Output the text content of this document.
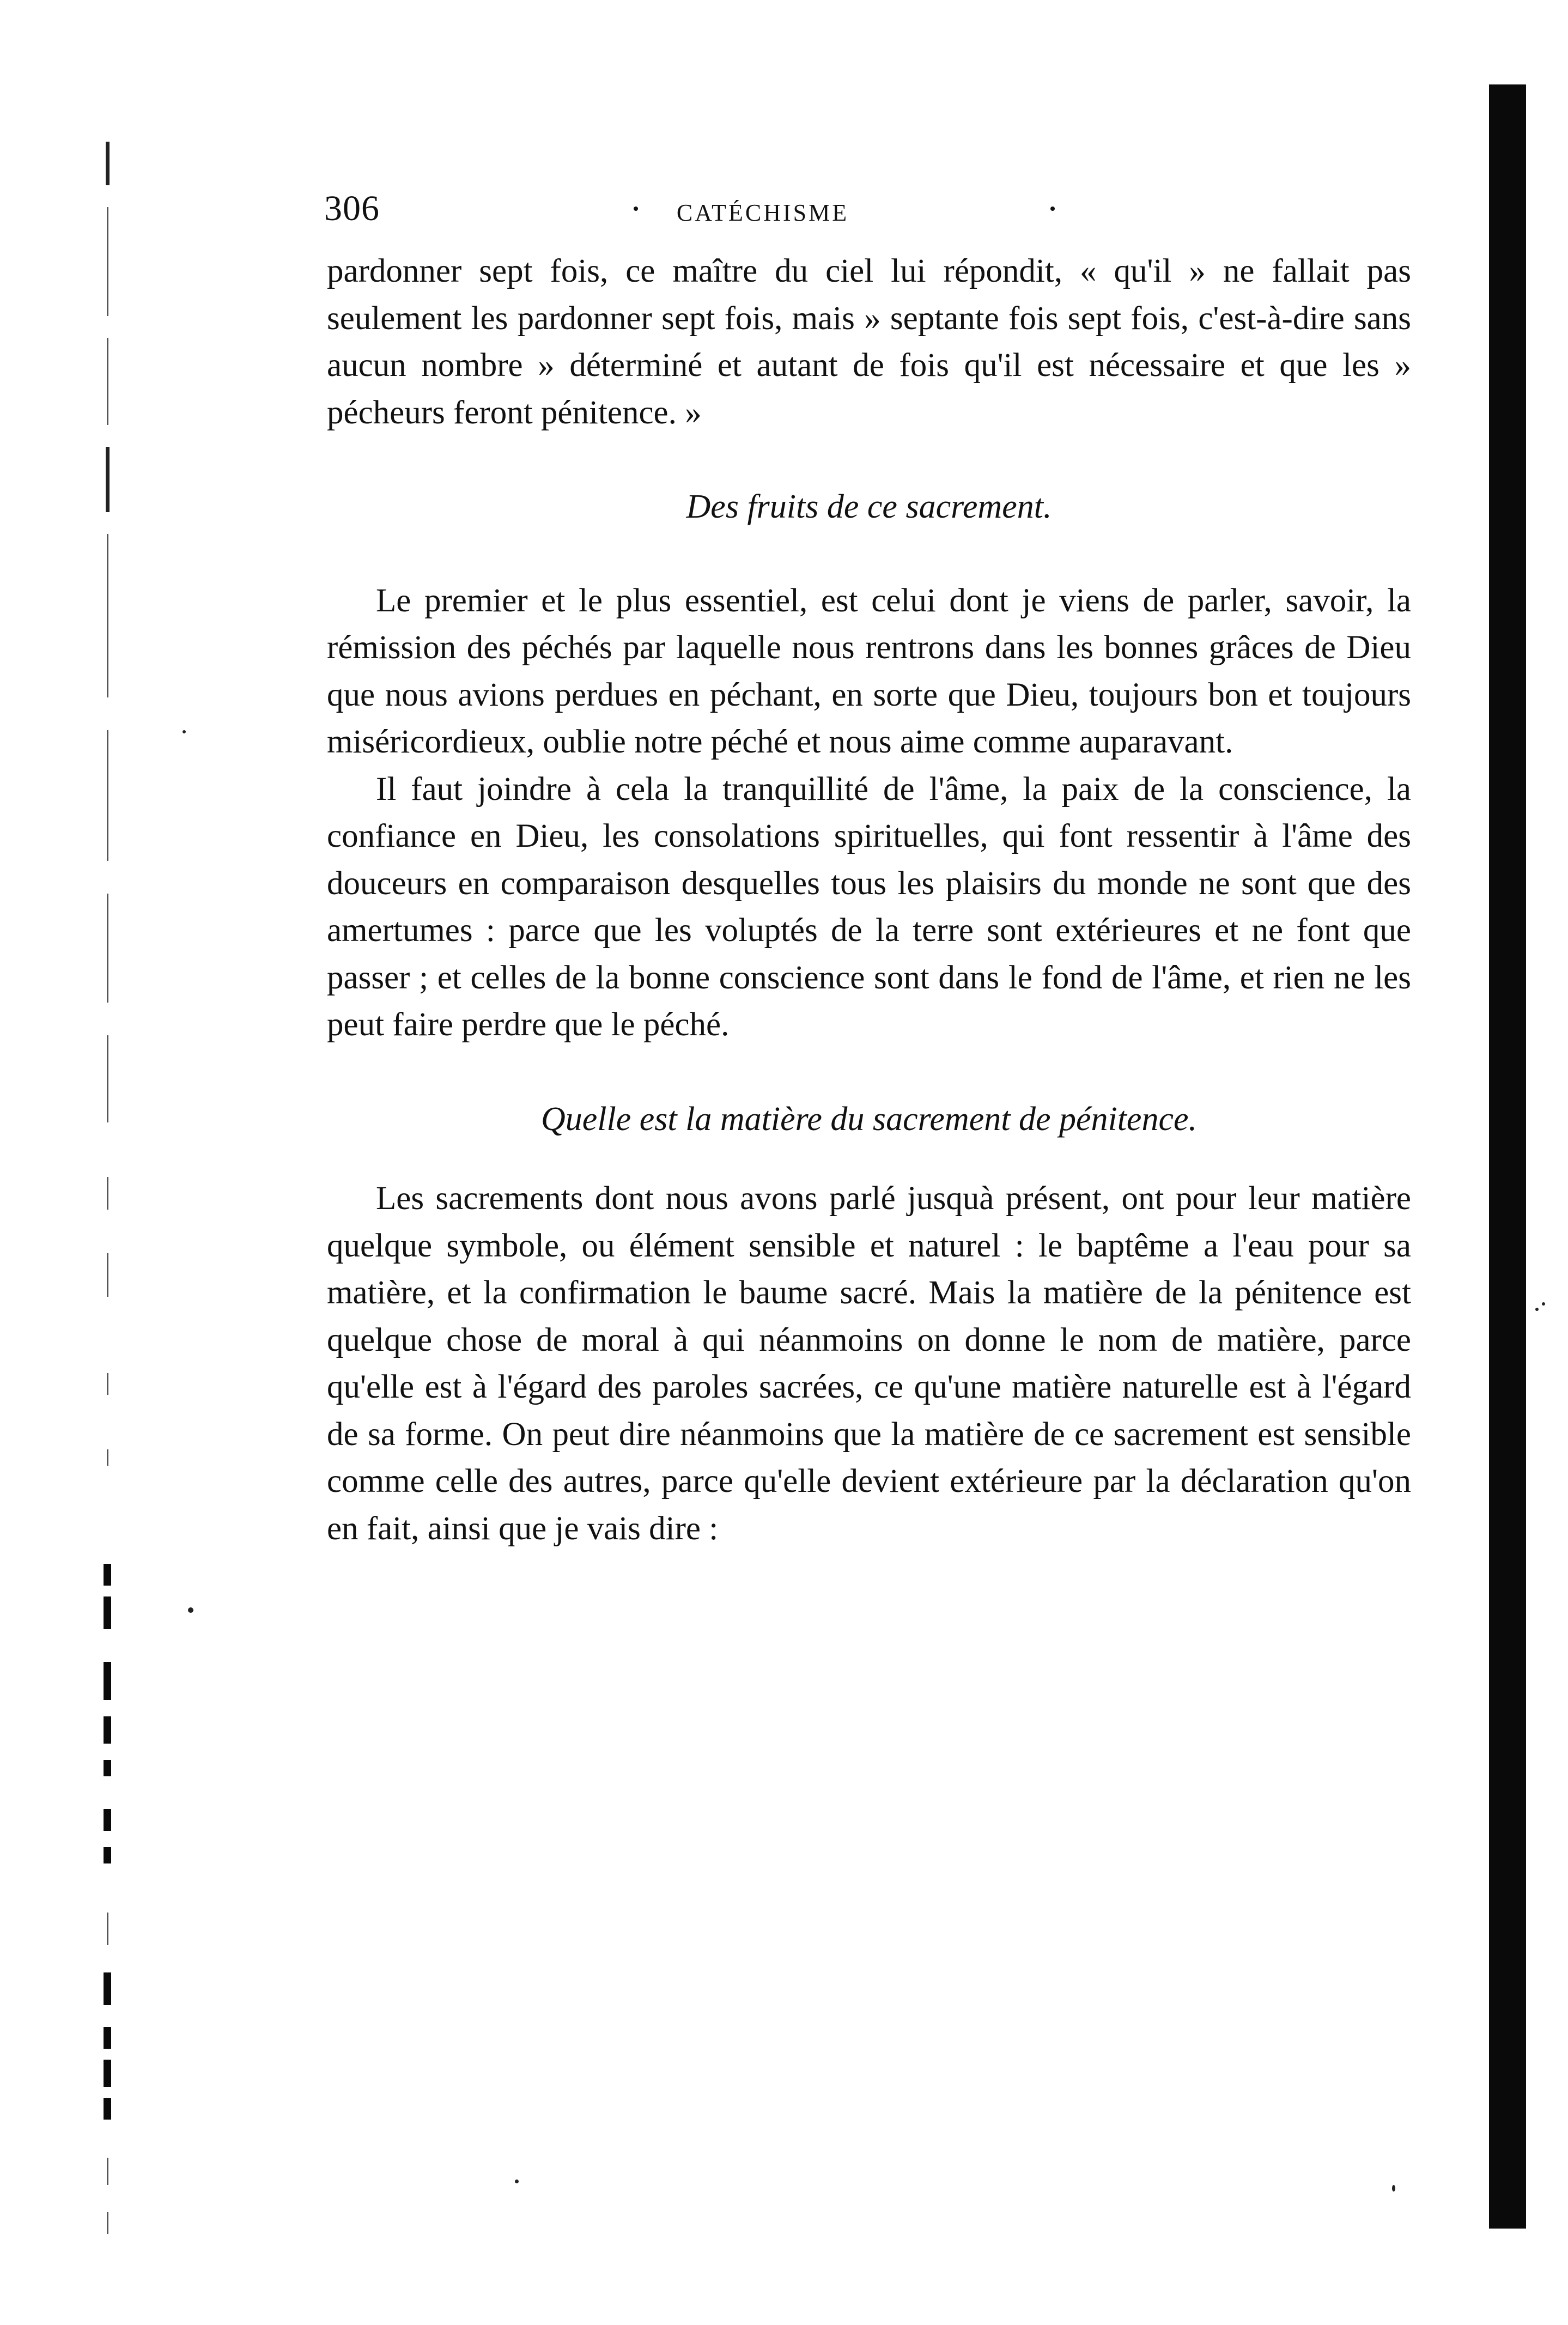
306	CATÉCHISME

pardonner sept fois, ce maître du ciel lui répondit, « qu'il » ne fallait pas seulement les pardonner sept fois, mais » septante fois sept fois, c'est-à-dire sans aucun nombre » déterminé et autant de fois qu'il est nécessaire et que les » pécheurs feront pénitence. »

Des fruits de ce sacrement.

Le premier et le plus essentiel, est celui dont je viens de parler, savoir, la rémission des péchés par laquelle nous rentrons dans les bonnes grâces de Dieu que nous avions perdues en péchant, en sorte que Dieu, toujours bon et toujours miséricordieux, oublie notre péché et nous aime comme auparavant.

Il faut joindre à cela la tranquillité de l'âme, la paix de la conscience, la confiance en Dieu, les consolations spirituelles, qui font ressentir à l'âme des douceurs en comparaison desquelles tous les plaisirs du monde ne sont que des amertumes : parce que les voluptés de la terre sont extérieures et ne font que passer ; et celles de la bonne conscience sont dans le fond de l'âme, et rien ne les peut faire perdre que le péché.

Quelle est la matière du sacrement de pénitence.

Les sacrements dont nous avons parlé jusquà présent, ont pour leur matière quelque symbole, ou élément sensible et naturel : le baptême a l'eau pour sa matière, et la confirmation le baume sacré. Mais la matière de la pénitence est quelque chose de moral à qui néanmoins on donne le nom de matière, parce qu'elle est à l'égard des paroles sacrées, ce qu'une matière naturelle est à l'égard de sa forme. On peut dire néanmoins que la matière de ce sacrement est sensible comme celle des autres, parce qu'elle devient extérieure par la déclaration qu'on en fait, ainsi que je vais dire :
